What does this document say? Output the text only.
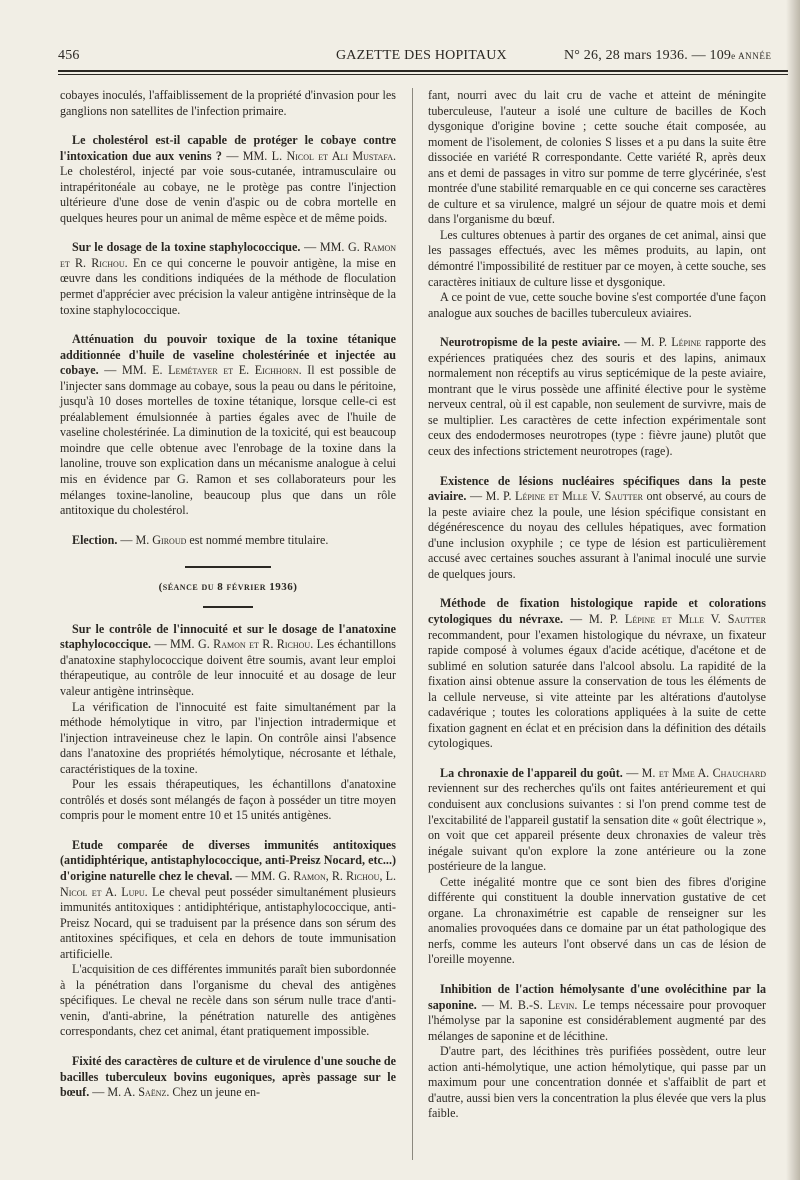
456	GAZETTE DES HOPITAUX	N° 26, 28 mars 1936. — 109e ANNÉE

cobayes inoculés, l'affaiblissement de la propriété d'invasion pour les ganglions non satellites de l'infection primaire.

Le cholestérol est-il capable de protéger le cobaye contre l'intoxication due aux venins ? — MM. L. Nicol et Ali Mustafa. Le cholestérol, injecté par voie sous-cutanée, intramusculaire ou intrapéritonéale au cobaye, ne le protège pas contre l'injection ultérieure d'une dose de venin d'aspic ou de cobra mortelle en quelques heures pour un animal de même espèce et de même poids.

Sur le dosage de la toxine staphylococcique. — MM. G. Ramon et R. Richou. En ce qui concerne le pouvoir antigène, la mise en œuvre dans les conditions indiquées de la méthode de floculation permet d'apprécier avec précision la valeur antigène intrinsèque de la toxine staphylococcique.

Atténuation du pouvoir toxique de la toxine tétanique additionnée d'huile de vaseline cholestérinée et injectée au cobaye. — MM. E. Lemétayer et E. Eichhorn. Il est possible de l'injecter sans dommage au cobaye, sous la peau ou dans le péritoine, jusqu'à 10 doses mortelles de toxine tétanique, lorsque celle-ci est préalablement émulsionnée à parties égales avec de l'huile de vaseline cholestérinée. La diminution de la toxicité, qui est beaucoup moindre que celle obtenue avec l'enrobage de la toxine dans la lanoline, trouve son explication dans un mécanisme analogue à celui mis en évidence par G. Ramon et ses collaborateurs pour les mélanges toxine-lanoline, beaucoup plus que dans un rôle antitoxique du cholestérol.

Election. — M. Giroud est nommé membre titulaire.

(séance du 8 février 1936)

Sur le contrôle de l'innocuité et sur le dosage de l'anatoxine staphylococcique. — MM. G. Ramon et R. Richou. Les échantillons d'anatoxine staphylococcique doivent être soumis, avant leur emploi thérapeutique, au contrôle de leur innocuité et au dosage de leur valeur antigène intrinsèque.

La vérification de l'innocuité est faite simultanément par la méthode hémolytique in vitro, par l'injection intradermique et l'injection intraveineuse chez le lapin. On contrôle ainsi l'absence dans l'anatoxine des propriétés hémolytique, nécrosante et léthale, caractéristiques de la toxine.

Pour les essais thérapeutiques, les échantillons d'anatoxine contrôlés et dosés sont mélangés de façon à posséder un titre moyen compris pour le moment entre 10 et 15 unités antigènes.

Etude comparée de diverses immunités antitoxiques (antidiphtérique, antistaphylococcique, anti-Preisz Nocard, etc...) d'origine naturelle chez le cheval. — MM. G. Ramon, R. Richou, L. Nicol et A. Lupu. Le cheval peut posséder simultanément plusieurs immunités antitoxiques : antidiphtérique, antistaphylococcique, anti-Preisz Nocard, qui se traduisent par la présence dans son sérum des antitoxines spécifiques, et cela en dehors de toute immunisation artificielle.

L'acquisition de ces différentes immunités paraît bien subordonnée à la pénétration dans l'organisme du cheval des antigènes spécifiques. Le cheval ne recèle dans son sérum nulle trace d'anti-venin, d'anti-abrine, la pénétration naturelle des antigènes correspondants, chez cet animal, étant pratiquement impossible.

Fixité des caractères de culture et de virulence d'une souche de bacilles tuberculeux bovins eugoniques, après passage sur le bœuf. — M. A. Saënz. Chez un jeune en-

fant, nourri avec du lait cru de vache et atteint de méningite tuberculeuse, l'auteur a isolé une culture de bacilles de Koch dysgonique d'origine bovine ; cette souche était composée, au moment de l'isolement, de colonies S lisses et a pu dans la suite être dissociée en variété R correspondante. Cette variété R, après deux ans et demi de passages in vitro sur pomme de terre glycérinée, s'est montrée d'une stabilité remarquable en ce qui concerne ses caractères de culture et sa virulence, malgré un séjour de quatre mois et demi dans l'organisme du bœuf.

Les cultures obtenues à partir des organes de cet animal, ainsi que les passages effectués, avec les mêmes produits, au lapin, ont démontré l'impossibilité de restituer par ce moyen, à cette souche, ses caractères initiaux de culture lisse et dysgonique.

A ce point de vue, cette souche bovine s'est comportée d'une façon analogue aux souches de bacilles tuberculeux aviaires.

Neurotropisme de la peste aviaire. — M. P. Lépine rapporte des expériences pratiquées chez des souris et des lapins, animaux normalement non réceptifs au virus septicémique de la peste aviaire, montrant que le virus possède une affinité élective pour le système nerveux central, où il est capable, non seulement de survivre, mais de se multiplier. Les caractères de cette infection expérimentale sont ceux des endodermoses neurotropes (type : fièvre jaune) plutôt que ceux des infections strictement neurotropes (rage).

Existence de lésions nucléaires spécifiques dans la peste aviaire. — M. P. Lépine et Mlle V. Sautter ont observé, au cours de la peste aviaire chez la poule, une lésion spécifique consistant en dégénérescence du noyau des cellules hépatiques, avec formation d'une inclusion oxyphile ; ce type de lésion est particulièrement accusé avec certaines souches assurant à l'animal inoculé une survie de quelques jours.

Méthode de fixation histologique rapide et colorations cytologiques du névraxe. — M. P. Lépine et Mlle V. Sautter recommandent, pour l'examen histologique du névraxe, un fixateur rapide composé à volumes égaux d'acide acétique, d'acétone et de sublimé en solution saturée dans l'alcool absolu. La rapidité de la fixation ainsi obtenue assure la conservation de tous les éléments de la cellule nerveuse, si vite atteinte par les altérations d'autolyse cadavérique ; toutes les colorations appliquées à la suite de cette fixation gagnent en éclat et en précision dans la définition des détails cytologiques.

La chronaxie de l'appareil du goût. — M. et Mme A. Chauchard reviennent sur des recherches qu'ils ont faites antérieurement et qui conduisent aux conclusions suivantes : si l'on prend comme test de l'excitabilité de l'appareil gustatif la sensation dite « goût électrique », on voit que cet appareil présente deux chronaxies de valeur très inégale suivant qu'on explore la zone antérieure ou la zone postérieure de la langue.

Cette inégalité montre que ce sont bien des fibres d'origine différente qui constituent la double innervation gustative de cet organe. La chronaximétrie est capable de renseigner sur les anomalies provoquées dans ce domaine par un état pathologique des nerfs, comme les auteurs l'ont observé dans un cas de lésion de l'oreille moyenne.

Inhibition de l'action hémolysante d'une ovolécithine par la saponine. — M. B.-S. Levin. Le temps nécessaire pour provoquer l'hémolyse par la saponine est considérablement augmenté par des mélanges de saponine et de lécithine.

D'autre part, des lécithines très purifiées possèdent, outre leur action anti-hémolytique, une action hémolytique, qui passe par un maximum pour une concentration donnée et s'affaiblit de part et d'autre, aussi bien vers la concentration la plus élevée que vers la plus faible.
